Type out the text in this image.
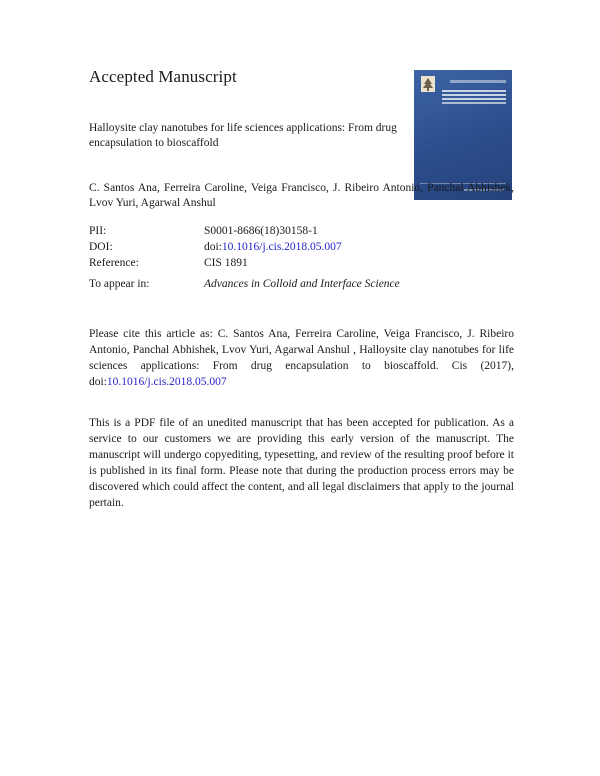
Accepted Manuscript
Halloysite clay nanotubes for life sciences applications: From drug encapsulation to bioscaffold
C. Santos Ana, Ferreira Caroline, Veiga Francisco, J. Ribeiro Antonio, Panchal Abhishek, Lvov Yuri, Agarwal Anshul
PII:	S0001-8686(18)30158-1
DOI:	doi:10.1016/j.cis.2018.05.007
Reference:	CIS 1891
To appear in:	Advances in Colloid and Interface Science
Please cite this article as: C. Santos Ana, Ferreira Caroline, Veiga Francisco, J. Ribeiro Antonio, Panchal Abhishek, Lvov Yuri, Agarwal Anshul , Halloysite clay nanotubes for life sciences applications: From drug encapsulation to bioscaffold. Cis (2017), doi:10.1016/j.cis.2018.05.007
This is a PDF file of an unedited manuscript that has been accepted for publication. As a service to our customers we are providing this early version of the manuscript. The manuscript will undergo copyediting, typesetting, and review of the resulting proof before it is published in its final form. Please note that during the production process errors may be discovered which could affect the content, and all legal disclaimers that apply to the journal pertain.
